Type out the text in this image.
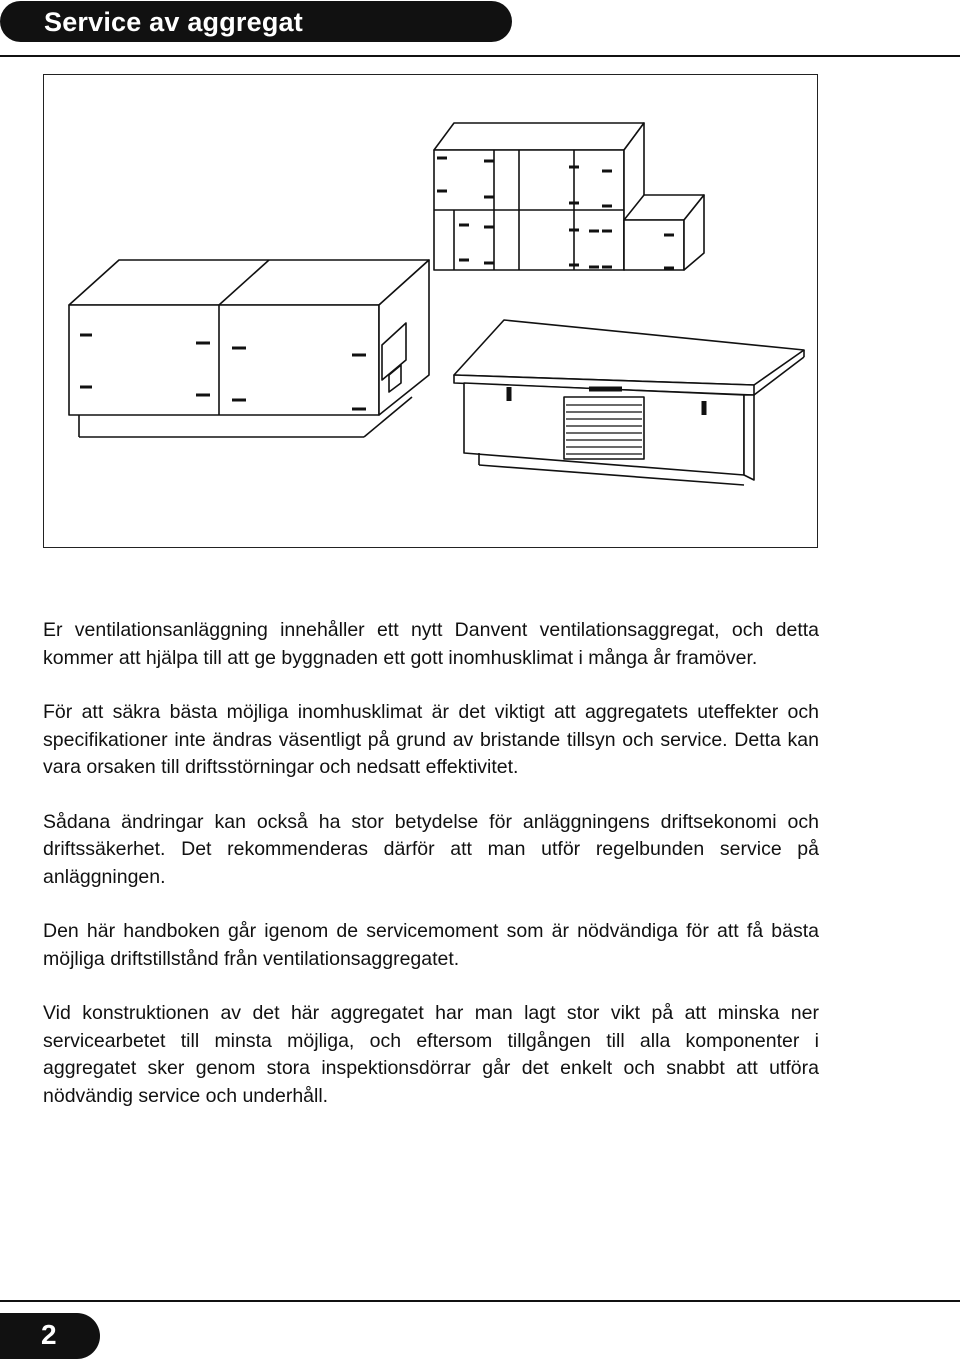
Service av aggregat

Er ventilationsanläggning innehåller ett nytt Danvent ventilationsaggregat, och detta kommer att hjälpa till att ge byggnaden ett gott inomhusklimat i många år framöver.

För att säkra bästa möjliga inomhusklimat är det viktigt att aggregatets uteffekter och specifikationer inte ändras väsentligt på grund av bristande tillsyn och service. Detta kan vara orsaken till driftsstörningar och nedsatt effektivitet.

Sådana ändringar kan också ha stor betydelse för anläggningens driftsekonomi och driftssäkerhet. Det rekommenderas därför att man utför regelbunden service på anläggningen.

Den här handboken går igenom de servicemoment som är nödvändiga för att få bästa möjliga driftstillstånd från ventilationsaggregatet.

Vid konstruktionen av det här aggregatet har man lagt stor vikt på att minska ner servicearbetet till minsta möjliga, och eftersom tillgången till alla komponenter i aggregatet sker genom stora inspektionsdörrar går det enkelt och snabbt att utföra nödvändig service och underhåll.

2
